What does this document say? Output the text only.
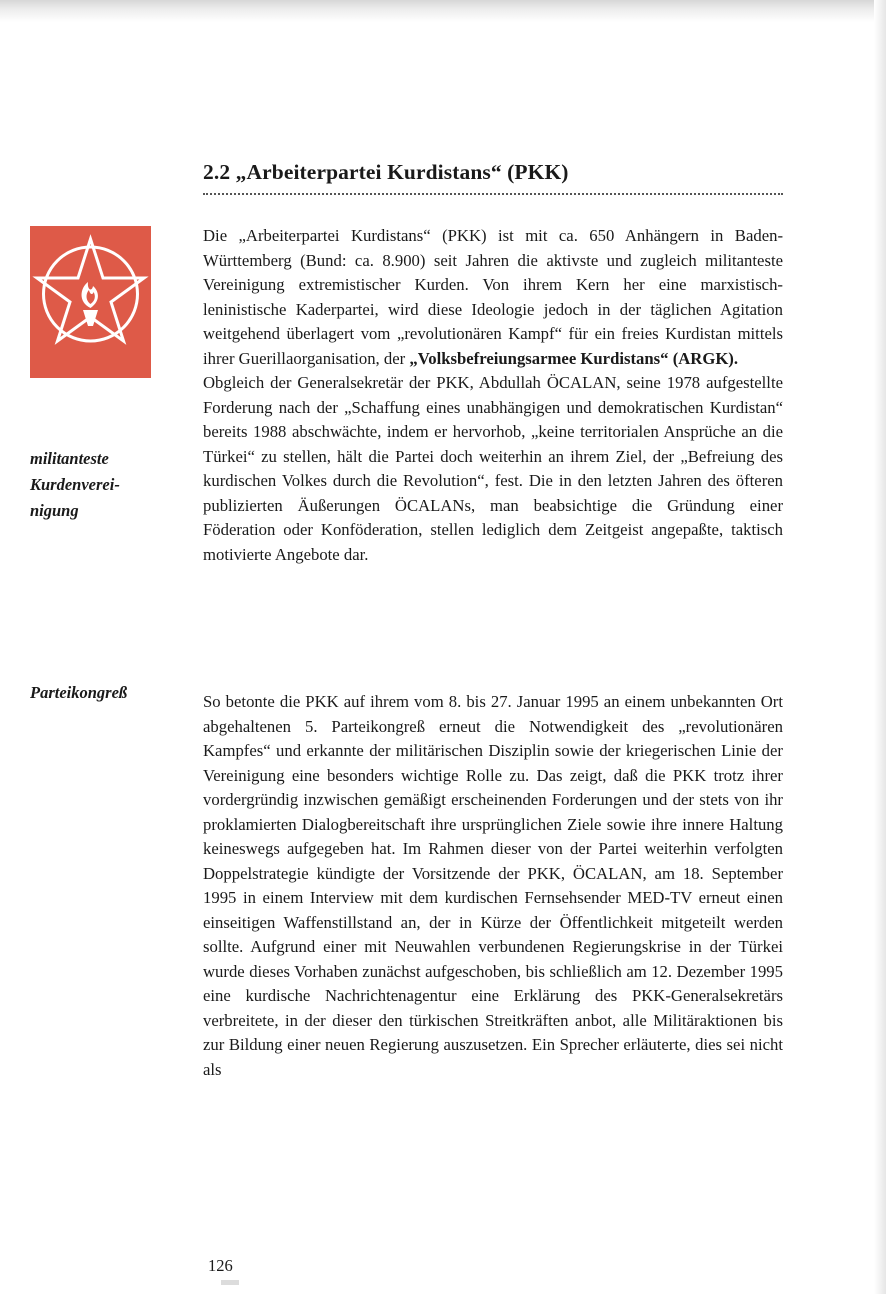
2.2 „Arbeiterpartei Kurdistans“ (PKK)
militanteste
Kurdenverei-
nigung
Parteikongreß

Die „Arbeiterpartei Kurdistans“ (PKK) ist mit ca. 650 Anhängern in Baden-Württemberg (Bund: ca. 8.900) seit Jahren die aktivste und zugleich militanteste Vereinigung extremistischer Kurden. Von ihrem Kern her eine marxistisch-leninistische Kaderpartei, wird diese Ideologie jedoch in der täglichen Agitation weitgehend überlagert vom „revolutionären Kampf“ für ein freies Kurdistan mittels ihrer Guerillaorganisation, der „Volksbefreiungsarmee Kurdistans“ (ARGK).
Obgleich der Generalsekretär der PKK, Abdullah ÖCALAN, seine 1978 aufgestellte Forderung nach der „Schaffung eines unabhängigen und demokratischen Kurdistan“ bereits 1988 abschwächte, indem er hervorhob, „keine territorialen Ansprüche an die Türkei“ zu stellen, hält die Partei doch weiterhin an ihrem Ziel, der „Befreiung des kurdischen Volkes durch die Revolution“, fest. Die in den letzten Jahren des öfteren publizierten Äußerungen ÖCALANs, man beabsichtige die Gründung einer Föderation oder Konföderation, stellen lediglich dem Zeitgeist angepaßte, taktisch motivierte Angebote dar.

So betonte die PKK auf ihrem vom 8. bis 27. Januar 1995 an einem unbekannten Ort abgehaltenen 5. Parteikongreß erneut die Notwendigkeit des „revolutionären Kampfes“ und erkannte der militärischen Disziplin sowie der kriegerischen Linie der Vereinigung eine besonders wichtige Rolle zu. Das zeigt, daß die PKK trotz ihrer vordergründig inzwischen gemäßigt erscheinenden Forderungen und der stets von ihr proklamierten Dialogbereitschaft ihre ursprünglichen Ziele sowie ihre innere Haltung keineswegs aufgegeben hat. Im Rahmen dieser von der Partei weiterhin verfolgten Doppelstrategie kündigte der Vorsitzende der PKK, ÖCALAN, am 18. September 1995 in einem Interview mit dem kurdischen Fernsehsender MED-TV erneut einen einseitigen Waffenstillstand an, der in Kürze der Öffentlichkeit mitgeteilt werden sollte. Aufgrund einer mit Neuwahlen verbundenen Regierungskrise in der Türkei wurde dieses Vorhaben zunächst aufgeschoben, bis schließlich am 12. Dezember 1995 eine kurdische Nachrichtenagentur eine Erklärung des PKK-Generalsekretärs verbreitete, in der dieser den türkischen Streitkräften anbot, alle Militäraktionen bis zur Bildung einer neuen Regierung auszusetzen. Ein Sprecher erläuterte, dies sei nicht als

126
